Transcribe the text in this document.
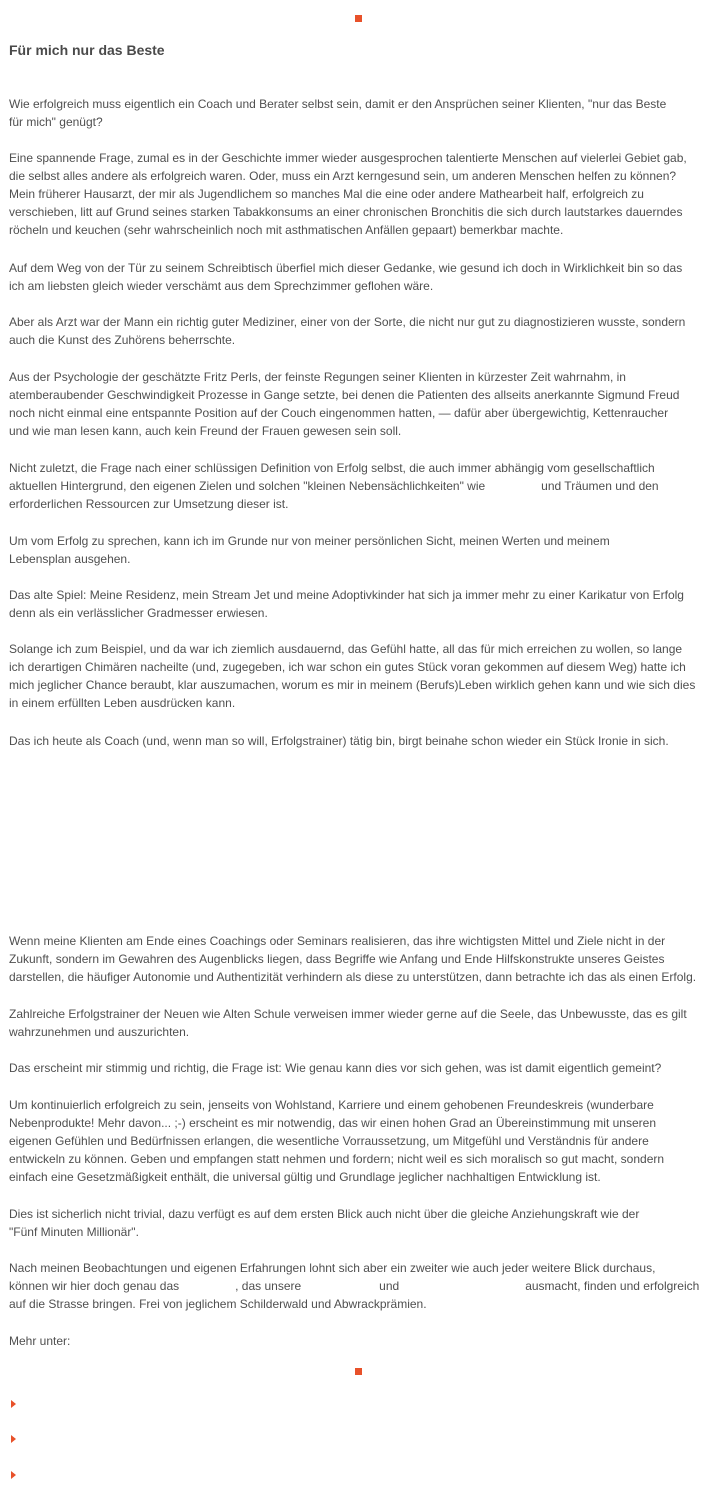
Für mich nur das Beste
Wie erfolgreich muss eigentlich ein Coach und Berater selbst sein, damit er den Ansprüchen seiner Klienten, "nur das Beste
für mich" genügt?
Eine spannende Frage, zumal es in der Geschichte immer wieder ausgesprochen talentierte Menschen auf vielerlei Gebiet gab,
die selbst alles andere als erfolgreich waren. Oder, muss ein Arzt kerngesund sein, um anderen Menschen helfen zu können?
Mein früherer Hausarzt, der mir als Jugendlichem so manches Mal die eine oder andere Mathearbeit half, erfolgreich zu
verschieben, litt auf Grund seines starken Tabakkonsums an einer chronischen Bronchitis die sich durch lautstarkes dauerndes
röcheln und keuchen (sehr wahrscheinlich noch mit asthmatischen Anfällen gepaart) bemerkbar machte.
Auf dem Weg von der Tür zu seinem Schreibtisch überfiel mich dieser Gedanke, wie gesund ich doch in Wirklichkeit bin so das
ich am liebsten gleich wieder verschämt aus dem Sprechzimmer geflohen wäre.
Aber als Arzt war der Mann ein richtig guter Mediziner, einer von der Sorte, die nicht nur gut zu diagnostizieren wusste, sondern
auch die Kunst des Zuhörens beherrschte.
Aus der Psychologie der geschätzte Fritz Perls, der feinste Regungen seiner Klienten in kürzester Zeit wahrnahm, in
atemberaubender Geschwindigkeit Prozesse in Gange setzte, bei denen die Patienten des allseits anerkannte Sigmund Freud
noch nicht einmal eine entspannte Position auf der Couch eingenommen hatten, — dafür aber übergewichtig, Kettenraucher
und wie man lesen kann, auch kein Freund der Frauen gewesen sein soll.
Nicht zuletzt, die Frage nach einer schlüssigen Definition von Erfolg selbst, die auch immer abhängig vom gesellschaftlich
aktuellen Hintergrund, den eigenen Zielen und solchen "kleinen Nebensächlichkeiten" wie	und Träumen und den
erforderlichen Ressourcen zur Umsetzung dieser ist.
Um vom Erfolg zu sprechen, kann ich im Grunde nur von meiner persönlichen Sicht, meinen Werten und meinem
Lebensplan ausgehen.
Das alte Spiel: Meine Residenz, mein Stream Jet und meine Adoptivkinder hat sich ja immer mehr zu einer Karikatur von Erfolg
denn als ein verlässlicher Gradmesser erwiesen.
Solange ich zum Beispiel, und da war ich ziemlich ausdauernd, das Gefühl hatte, all das für mich erreichen zu wollen, so lange
ich derartigen Chimären nacheilte (und, zugegeben, ich war schon ein gutes Stück voran gekommen auf diesem Weg) hatte ich
mich jeglicher Chance beraubt, klar auszumachen, worum es mir in meinem (Berufs)Leben wirklich gehen kann und wie sich dies
in einem erfüllten Leben ausdrücken kann.
Das ich heute als Coach (und, wenn man so will, Erfolgstrainer) tätig bin, birgt beinahe schon wieder ein Stück Ironie in sich.
Wenn meine Klienten am Ende eines Coachings oder Seminars realisieren, das ihre wichtigsten Mittel und Ziele nicht in der
Zukunft, sondern im Gewahren des Augenblicks liegen, dass Begriffe wie Anfang und Ende Hilfskonstrukte unseres Geistes
darstellen, die häufiger Autonomie und Authentizität verhindern als diese zu unterstützen, dann betrachte ich das als einen Erfolg.
Zahlreiche Erfolgstrainer der Neuen wie Alten Schule verweisen immer wieder gerne auf die Seele, das Unbewusste, das es gilt
wahrzunehmen und auszurichten.
Das erscheint mir stimmig und richtig, die Frage ist: Wie genau kann dies vor sich gehen, was ist damit eigentlich gemeint?
Um kontinuierlich erfolgreich zu sein, jenseits von Wohlstand, Karriere und einem gehobenen Freundeskreis (wunderbare
Nebenprodukte! Mehr davon... ;-) erscheint es mir notwendig, das wir einen hohen Grad an Übereinstimmung mit unseren
eigenen Gefühlen und Bedürfnissen erlangen, die wesentliche Vorraussetzung, um Mitgefühl und Verständnis für andere
entwickeln zu können. Geben und empfangen statt nehmen und fordern; nicht weil es sich moralisch so gut macht, sondern
einfach eine Gesetzmäßigkeit enthält, die universal gültig und Grundlage jeglicher nachhaltigen Entwicklung ist.
Dies ist sicherlich nicht trivial, dazu verfügt es auf dem ersten Blick auch nicht über die gleiche Anziehungskraft wie der
"Fünf Minuten Millionär".
Nach meinen Beobachtungen und eigenen Erfahrungen lohnt sich aber ein zweiter wie auch jeder weitere Blick durchaus,
können wir hier doch genau das	, das unsere	und	ausmacht, finden und erfolgreich
auf die Strasse bringen. Frei von jeglichem Schilderwald und Abwrackprämien.
Mehr unter:
